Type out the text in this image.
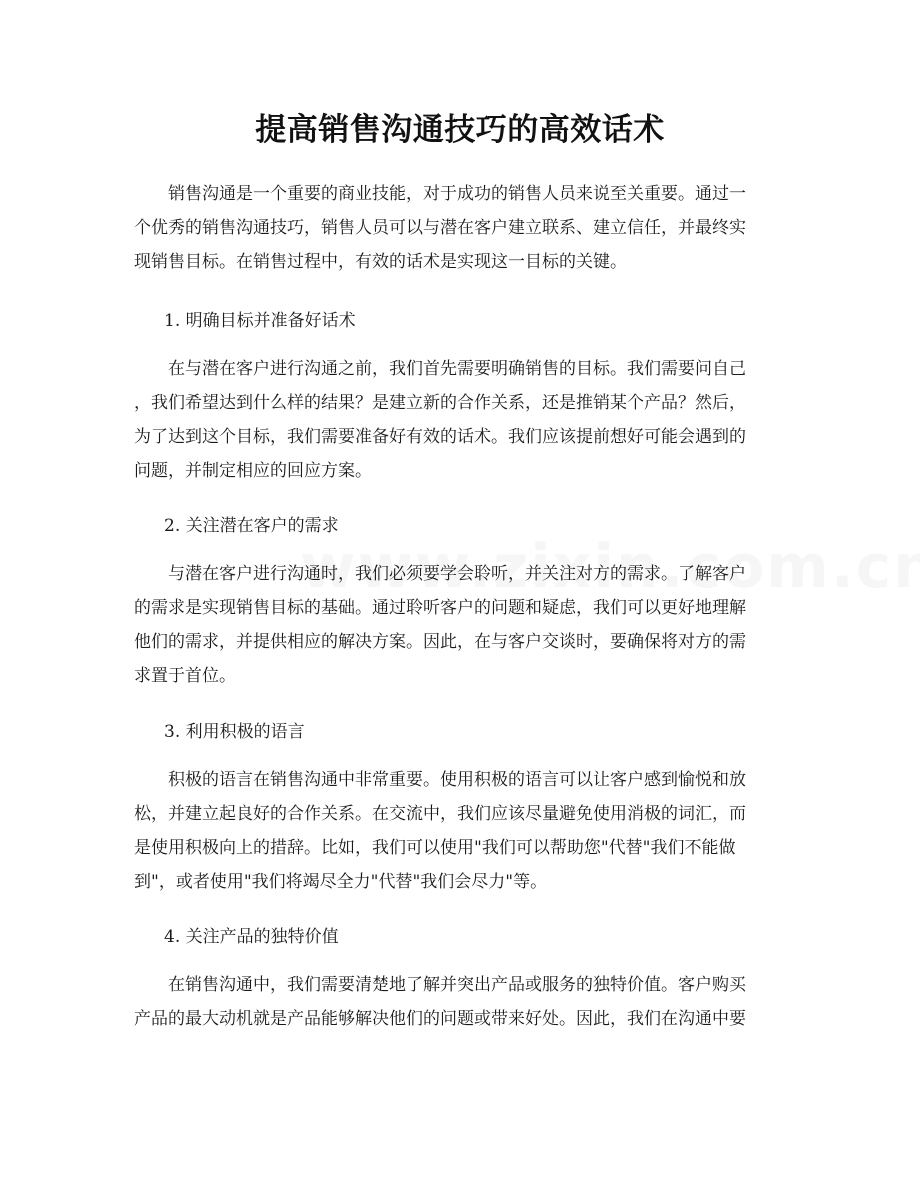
提高销售沟通技巧的高效话术
销售沟通是一个重要的商业技能，对于成功的销售人员来说至关重要。通过一
个优秀的销售沟通技巧，销售人员可以与潜在客户建立联系、建立信任，并最终实
现销售目标。在销售过程中，有效的话术是实现这一目标的关键。
1. 明确目标并准备好话术
在与潜在客户进行沟通之前，我们首先需要明确销售的目标。我们需要问自己
，我们希望达到什么样的结果？是建立新的合作关系，还是推销某个产品？然后，
为了达到这个目标，我们需要准备好有效的话术。我们应该提前想好可能会遇到的
问题，并制定相应的回应方案。
2. 关注潜在客户的需求
与潜在客户进行沟通时，我们必须要学会聆听，并关注对方的需求。了解客户
的需求是实现销售目标的基础。通过聆听客户的问题和疑虑，我们可以更好地理解
他们的需求，并提供相应的解决方案。因此，在与客户交谈时，要确保将对方的需
求置于首位。
3. 利用积极的语言
积极的语言在销售沟通中非常重要。使用积极的语言可以让客户感到愉悦和放
松，并建立起良好的合作关系。在交流中，我们应该尽量避免使用消极的词汇，而
是使用积极向上的措辞。比如，我们可以使用"我们可以帮助您"代替"我们不能做
到"，或者使用"我们将竭尽全力"代替"我们会尽力"等。
4. 关注产品的独特价值
在销售沟通中，我们需要清楚地了解并突出产品或服务的独特价值。客户购买
产品的最大动机就是产品能够解决他们的问题或带来好处。因此，我们在沟通中要
